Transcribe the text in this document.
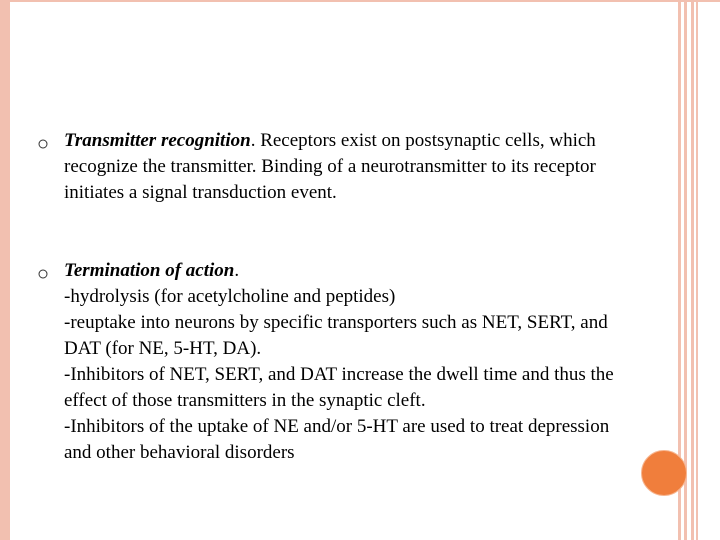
Transmitter recognition. Receptors exist on postsynaptic cells, which recognize the transmitter. Binding of a neurotransmitter to its receptor initiates a signal transduction event.
Termination of action.
-hydrolysis (for acetylcholine and peptides)
-reuptake into neurons by specific transporters such as NET, SERT, and DAT (for NE, 5-HT, DA).
-Inhibitors of NET, SERT, and DAT increase the dwell time and thus the effect of those transmitters in the synaptic cleft.
-Inhibitors of the uptake of NE and/or 5-HT are used to treat depression and other behavioral disorders
